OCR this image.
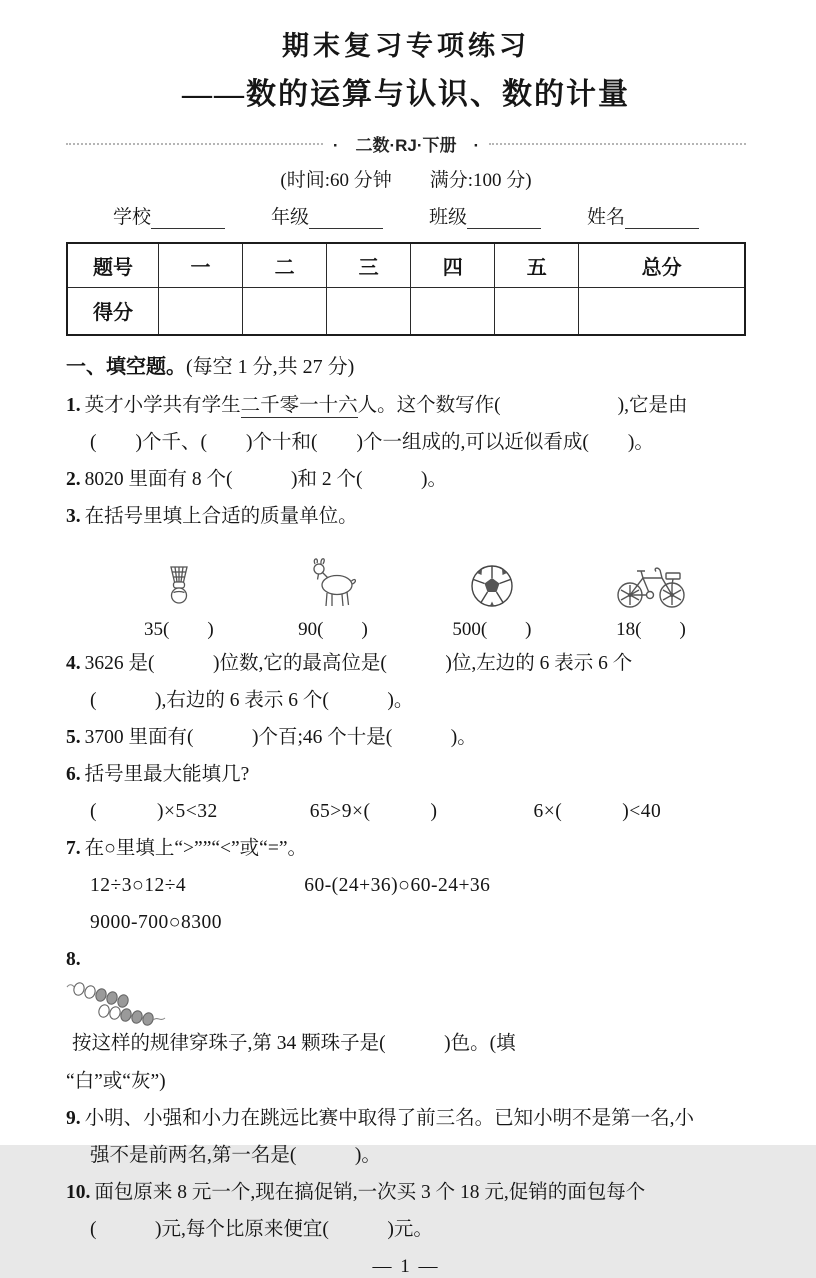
期末复习专项练习
——数的运算与认识、数的计量
·　二数·RJ·下册　·
(时间:60 分钟　　满分:100 分)
学校	年级	班级	姓名
题号	一	二	三	四	五	总分
得分						
一、填空题。(每空 1 分,共 27 分)
1. 英才小学共有学生二千零一十六人。这个数写作(　　　　　　),它是由
(　　)个千、(　　)个十和(　　)个一组成的,可以近似看成(　　)。
2. 8020 里面有 8 个(　　　)和 2 个(　　　)。
3. 在括号里填上合适的质量单位。
35(　　)	90(　　)	500(　　)	18(　　)
4. 3626 是(　　　)位数,它的最高位是(　　　)位,左边的 6 表示 6 个
(　　　),右边的 6 表示 6 个(　　　)。
5. 3700 里面有(　　　)个百;46 个十是(　　　)。
6. 括号里最大能填几?
(　　　)×5<32	65>9×(　　　)	6×(　　　)<40
7. 在○里填上“>””“<”或“=”。
12÷3○12÷4	60-(24+36)○60-24+36
9000-700○8300
8.
按这样的规律穿珠子,第 34 颗珠子是(　　　)色。(填
“白”或“灰”)
9. 小明、小强和小力在跳远比赛中取得了前三名。已知小明不是第一名,小
强不是前两名,第一名是(　　　)。
10. 面包原来 8 元一个,现在搞促销,一次买 3 个 18 元,促销的面包每个
(　　　)元,每个比原来便宜(　　　)元。
— 1 —
